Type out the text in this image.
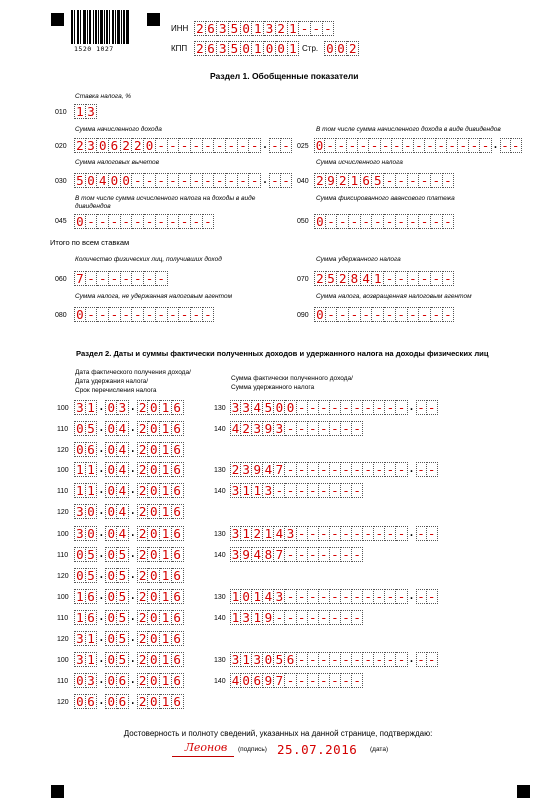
1520 1027
ИНН 2 6 3 5 0 1 3 2 1 - - -
КПП 2 6 3 5 0 1 0 0 1 Стр. 0 0 2
Раздел 1. Обобщенные показатели
Ставка налога, %
010 1 3
Сумма начисленного дохода
020 2 3 0 6 2 2 0 - - - - - - - - - . - -
В том числе сумма начисленного дохода в виде дивидендов
025 0 - - - - - - - - - - - - - - - . - -
Сумма налоговых вычетов
030 5 0 4 0 0 - - - - - - - - - - - . - -
Сумма исчисленного налога
040 2 9 2 1 6 5 - - - - - -
В том числе сумма исчисленного налога на доходы в виде дивидендов
045 0 - - - - - - - - - - -
Сумма фиксированного авансового платежа
050 0 - - - - - - - - - - -
Итого по всем ставкам
Количество физических лиц, получивших доход
060 7 - - - - - - -
Сумма удержанного налога
070 2 5 2 8 4 1 - - - - - -
Сумма налога, не удержанная налоговым агентом
080 0 - - - - - - - - - - -
Сумма налога, возвращенная налоговым агентом
090 0 - - - - - - - - - - -
Раздел 2. Даты и суммы фактически полученных доходов и удержанного налога на доходы физических лиц
Дата фактического получения дохода/
Дата удержания налога/
Срок перечисления налога
Сумма фактически полученного дохода/
Сумма удержанного налога
100 3 1 . 0 3 . 2 0 1 6
110 0 5 . 0 4 . 2 0 1 6
120 0 6 . 0 4 . 2 0 1 6
130 3 3 4 5 0 0 - - - - - - - - - - . - -
140 4 2 3 9 3 - - - - - - -
100 1 1 . 0 4 . 2 0 1 6
110 1 1 . 0 4 . 2 0 1 6
120 3 0 . 0 4 . 2 0 1 6
130 2 3 9 4 7 - - - - - - - - - - - . - -
140 3 1 1 3 - - - - - - - -
100 3 0 . 0 4 . 2 0 1 6
110 0 5 . 0 5 . 2 0 1 6
120 0 5 . 0 5 . 2 0 1 6
130 3 1 2 1 4 3 - - - - - - - - - - . - -
140 3 9 4 8 7 - - - - - - -
100 1 6 . 0 5 . 2 0 1 6
110 1 6 . 0 5 . 2 0 1 6
120 3 1 . 0 5 . 2 0 1 6
130 1 0 1 4 3 - - - - - - - - - - - . - -
140 1 3 1 9 - - - - - - - -
100 3 1 . 0 5 . 2 0 1 6
110 0 3 . 0 6 . 2 0 1 6
120 0 6 . 0 6 . 2 0 1 6
130 3 1 3 0 5 6 - - - - - - - - - - . - -
140 4 0 6 9 7 - - - - - - -
Достоверность и полноту сведений, указанных на данной странице, подтверждаю:
Леонов	(подпись) 25.07.2016 (дата)
